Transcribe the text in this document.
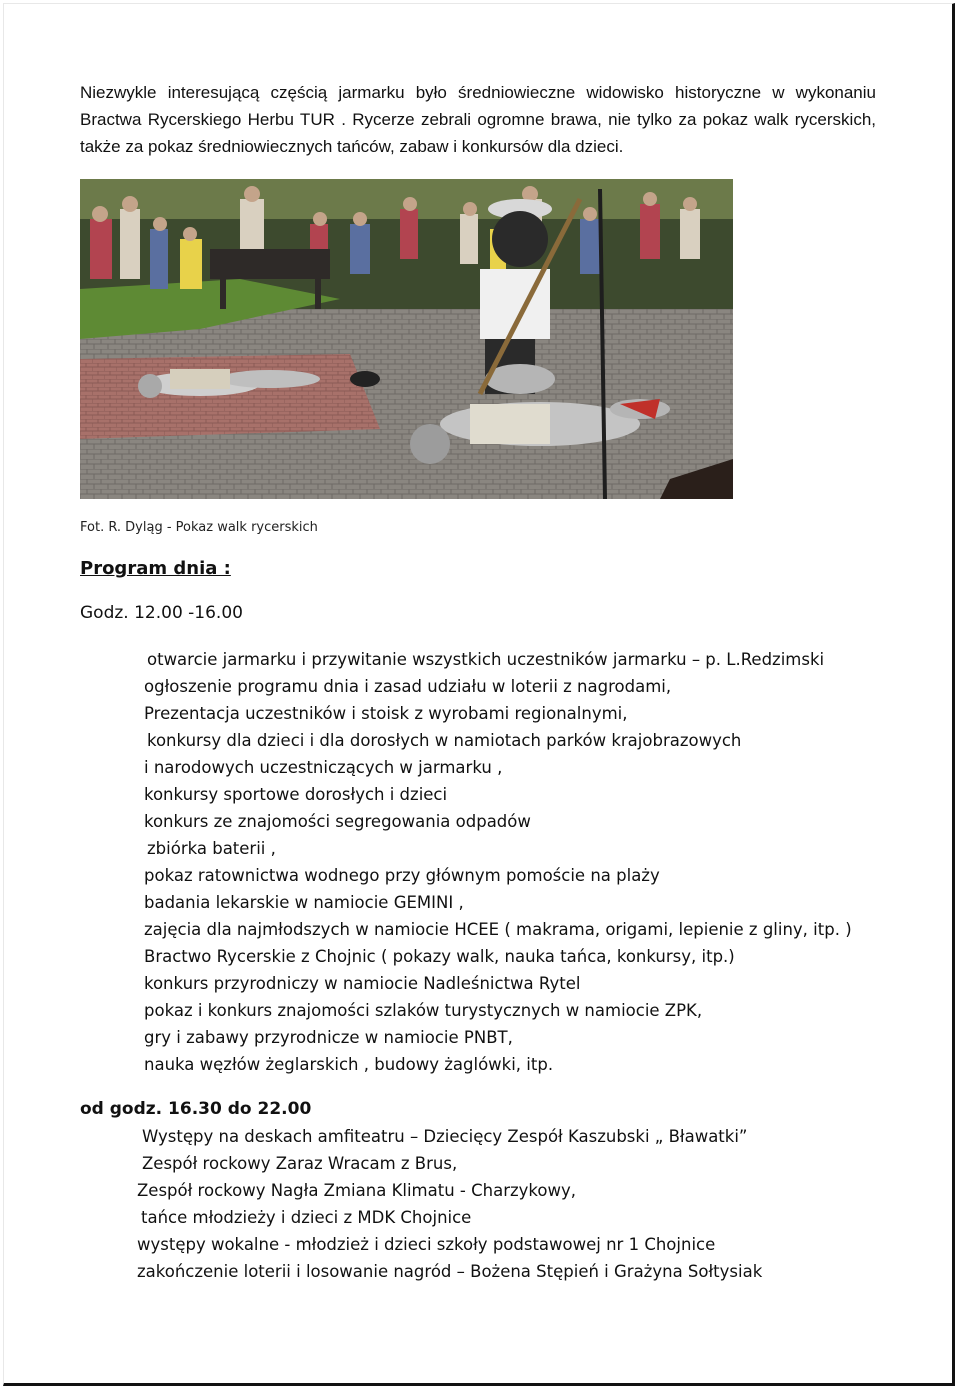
Niezwykle interesującą częścią jarmarku było średniowieczne widowisko historyczne w wykonaniu Bractwa Rycerskiego Herbu TUR . Rycerze zebrali ogromne brawa, nie tylko za pokaz walk rycerskich, także za pokaz średniowiecznych tańców, zabaw i konkursów dla dzieci.

Fot. R. Dyląg - Pokaz walk rycerskich

Program dnia :

Godz. 12.00 -16.00

otwarcie jarmarku i przywitanie wszystkich uczestników jarmarku – p. L.Redzimski
ogłoszenie programu dnia i zasad udziału w loterii z nagrodami,
Prezentacja uczestników i stoisk z wyrobami regionalnymi,
konkursy dla dzieci i dla dorosłych w namiotach parków krajobrazowych
i narodowych uczestniczących w jarmarku ,
konkursy sportowe dorosłych i dzieci
konkurs ze znajomości segregowania odpadów
zbiórka baterii ,
pokaz ratownictwa wodnego przy głównym pomoście na plaży
badania lekarskie w namiocie GEMINI ,
zajęcia dla najmłodszych w namiocie HCEE ( makrama, origami, lepienie z gliny, itp. )
Bractwo Rycerskie z Chojnic ( pokazy walk, nauka tańca, konkursy, itp.)
konkurs przyrodniczy w namiocie Nadleśnictwa Rytel
pokaz i konkurs znajomości szlaków turystycznych w namiocie ZPK,
gry i zabawy przyrodnicze w namiocie PNBT,
nauka węzłów żeglarskich , budowy żaglówki, itp.

od godz. 16.30 do 22.00

Występy na deskach amfiteatru – Dziecięcy Zespół Kaszubski „ Bławatki”
Zespół rockowy Zaraz Wracam z Brus,
Zespół rockowy Nagła Zmiana Klimatu - Charzykowy,
tańce młodzieży i dzieci z MDK Chojnice
występy wokalne - młodzież i dzieci szkoły podstawowej nr 1 Chojnice
zakończenie loterii i losowanie nagród – Bożena Stępień i Grażyna Sołtysiak
